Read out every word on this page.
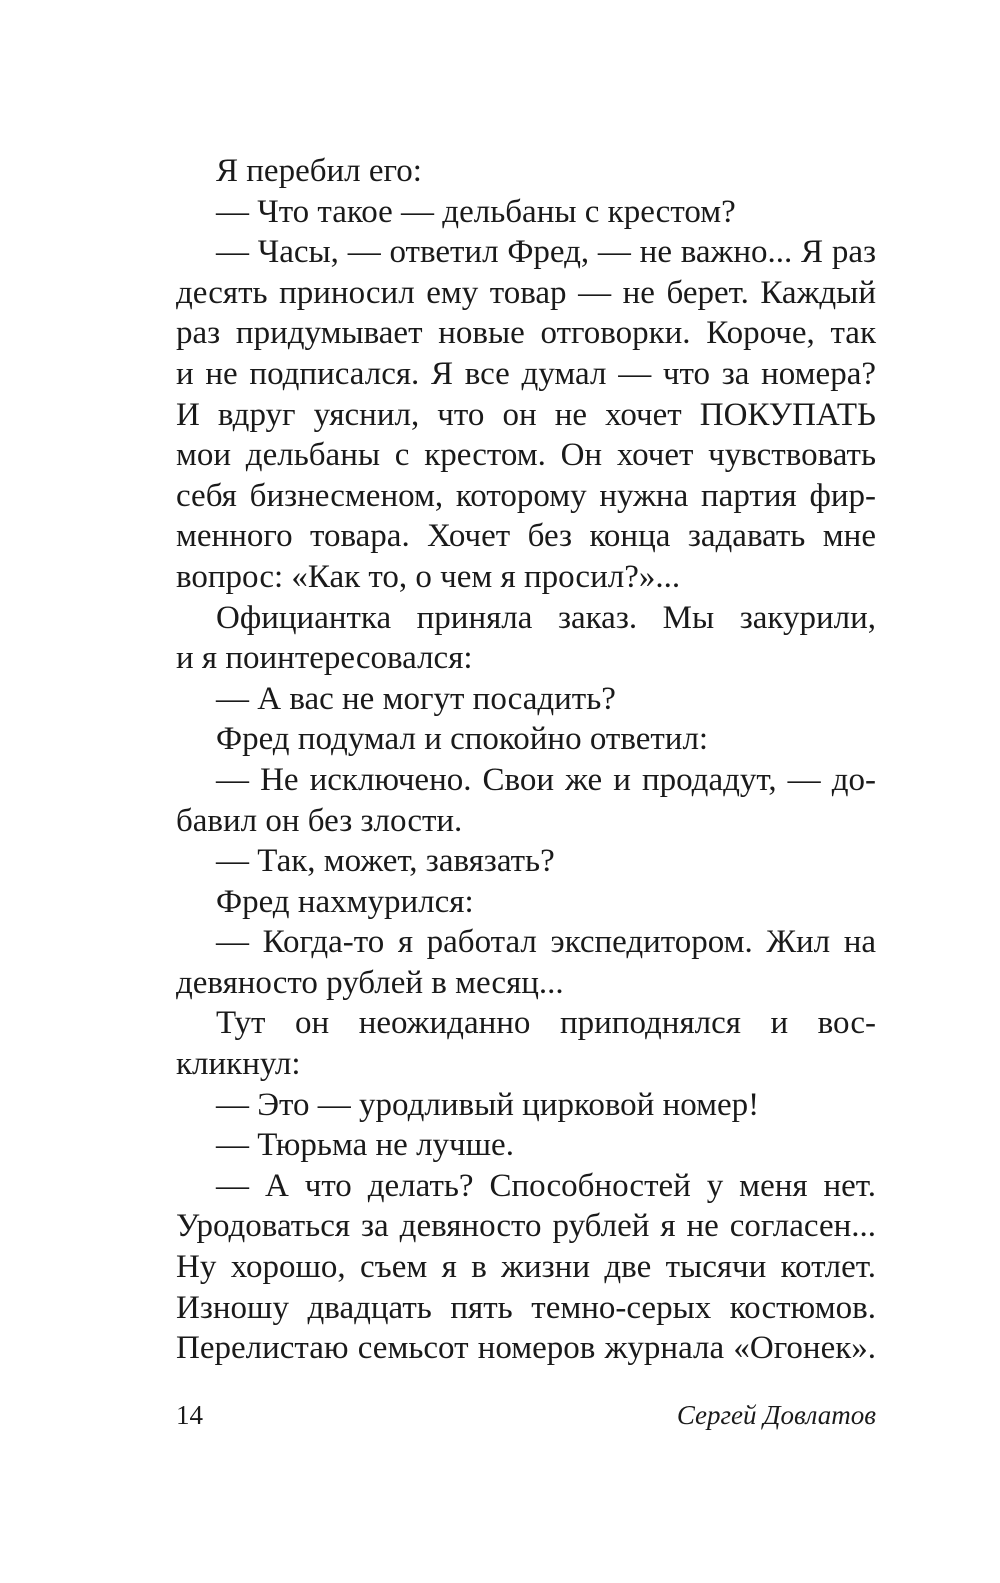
Я перебил его:
— Что такое — дельбаны с крестом?
— Часы, — ответил Фред, — не важно... Я раз
десять приносил ему товар — не берет. Каждый
раз придумывает новые отговорки. Короче, так
и не подписался. Я все думал — что за номера?
И вдруг уяснил, что он не хочет ПОКУПАТЬ
мои дельбаны с крестом. Он хочет чувствовать
себя бизнесменом, которому нужна партия фир-
менного товара. Хочет без конца задавать мне
вопрос: «Как то, о чем я просил?»...
Официантка приняла заказ. Мы закурили,
и я поинтересовался:
— А вас не могут посадить?
Фред подумал и спокойно ответил:
— Не исключено. Свои же и продадут, — до-
бавил он без злости.
— Так, может, завязать?
Фред нахмурился:
— Когда-то я работал экспедитором. Жил на
девяносто рублей в месяц...
Тут он неожиданно приподнялся и вос-
кликнул:
— Это — уродливый цирковой номер!
— Тюрьма не лучше.
— А что делать? Способностей у меня нет.
Уродоваться за девяносто рублей я не согласен...
Ну хорошо, съем я в жизни две тысячи котлет.
Изношу двадцать пять темно-серых костюмов.
Перелистаю семьсот номеров журнала «Огонек».
14	Сергей Довлатов
